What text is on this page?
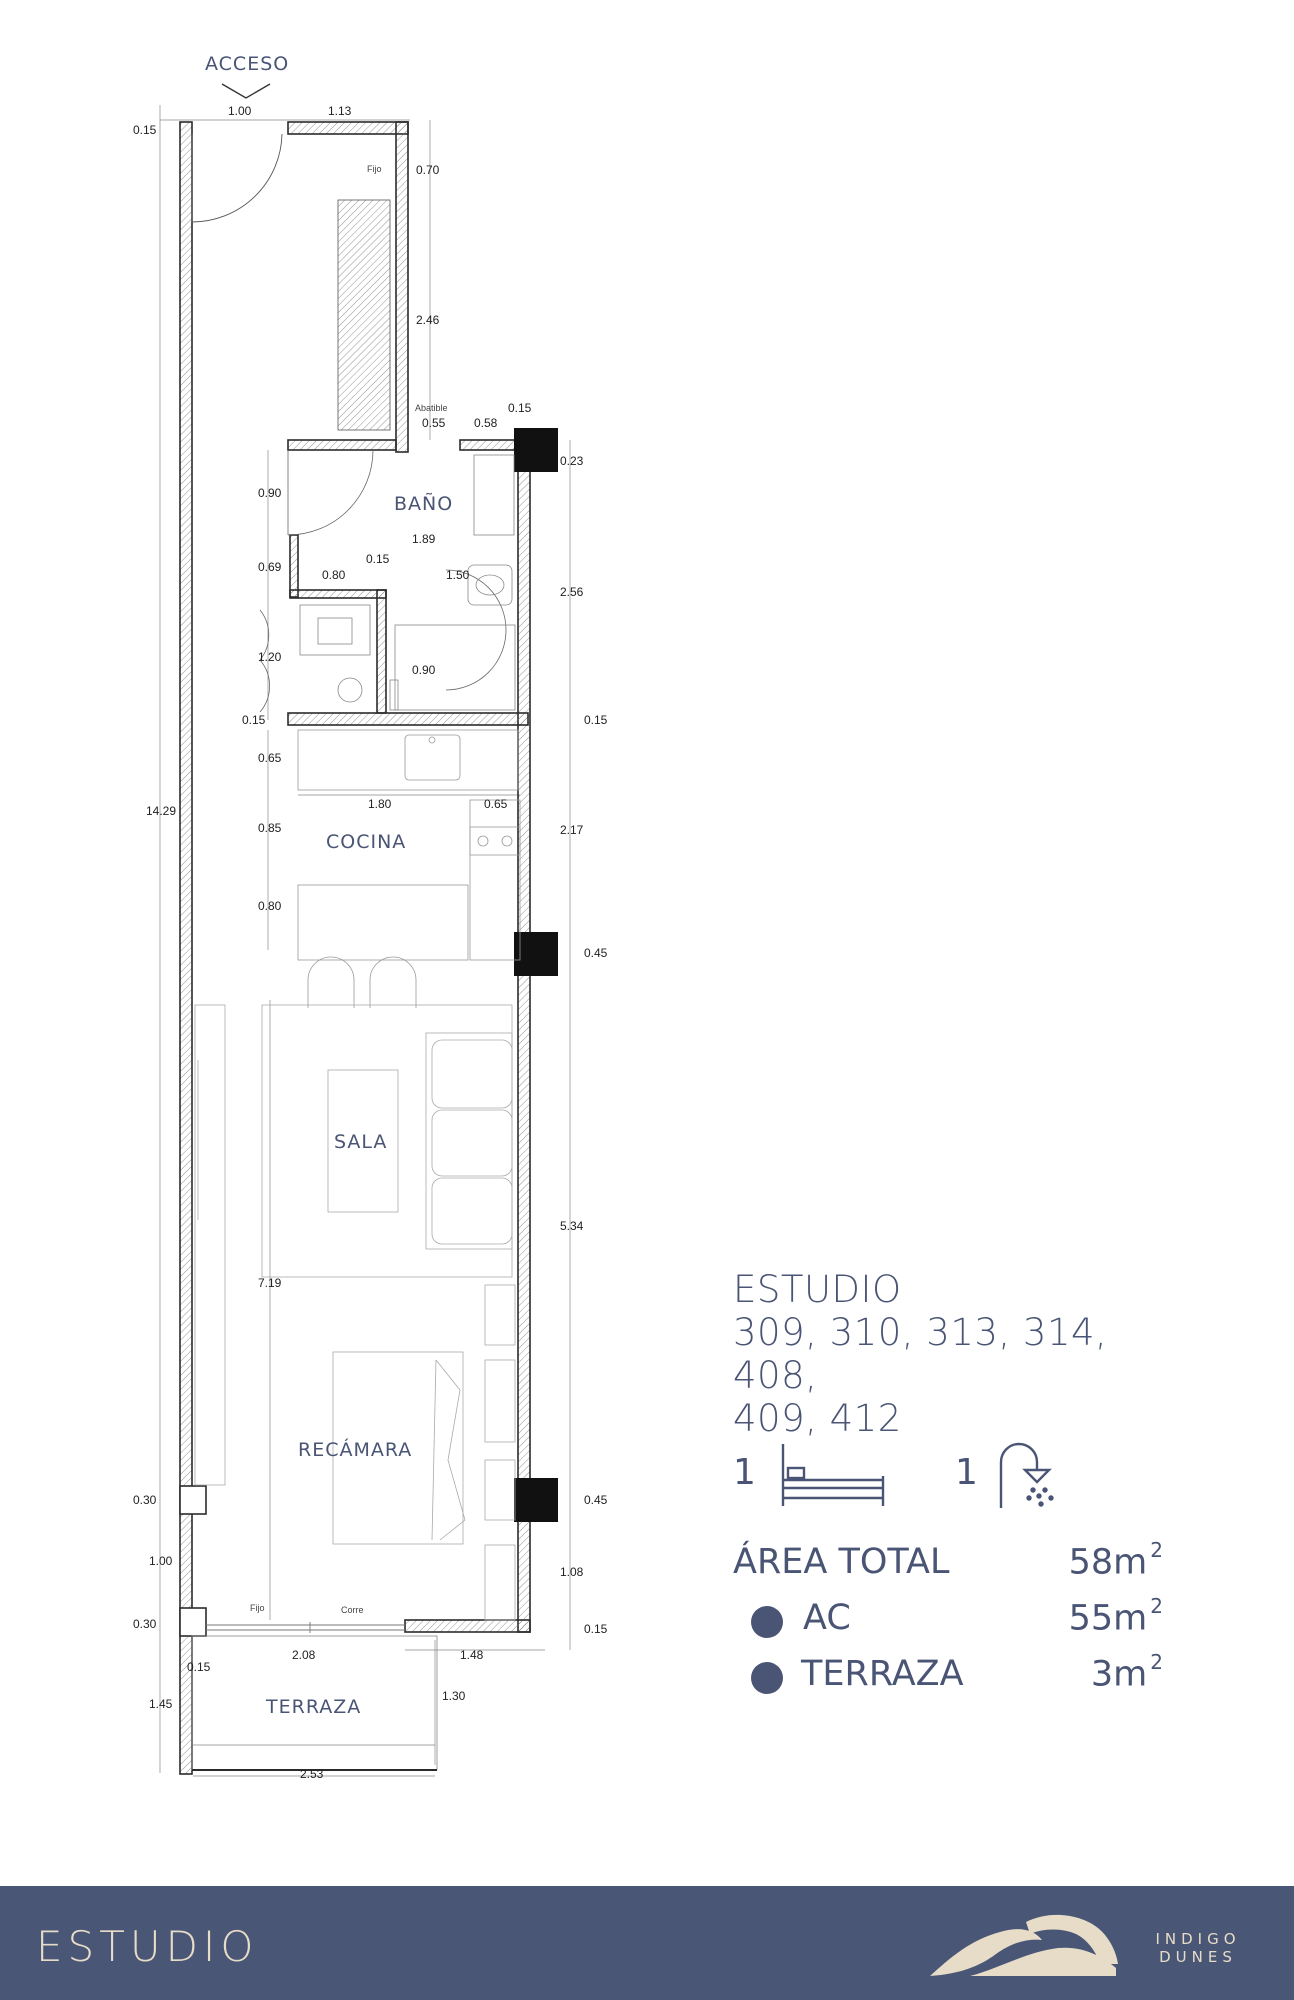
ACCESO
BAÑO
COCINA
SALA
RECÁMARA
TERRAZA
Fijo
Abatible
Fijo	Corre
1.00	1.13
0.15
0.70
2.46
0.55 0.58
0.15
0.23
0.90
1.89
0.15
0.69
0.80	1.50
2.56
1.20
0.90
0.15	0.15
0.65
1.80	0.65
0.85	2.17
0.80
0.45
14.29
5.34
7.19
0.30	0.45
1.00
1.08
0.30	0.15
0.15
2.08	1.48
1.45
1.30
2.53
ESTUDIO
309, 310, 313, 314, 408,
409, 412
1	1
ÁREA TOTAL	58m $^2$
AC	55m $^2$
TERRAZA	3m $^2$
ESTUDIO	INDIGO
DUNES
